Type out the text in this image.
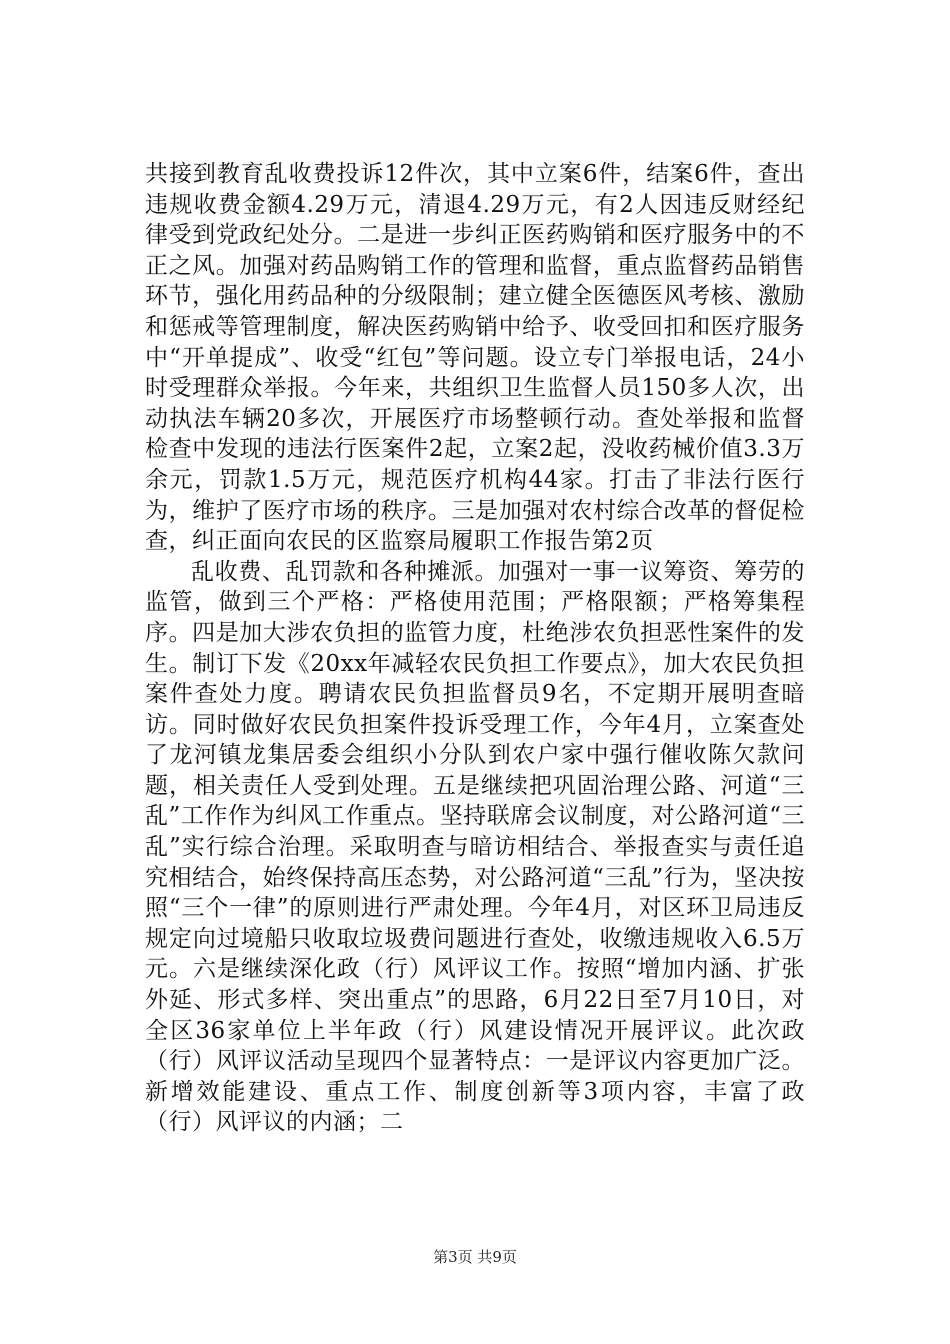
共接到教育乱收费投诉12件次，其中立案6件，结案6件，查出违规收费金额4.29万元，清退4.29万元，有2人因违反财经纪律受到党政纪处分。二是进一步纠正医药购销和医疗服务中的不正之风。加强对药品购销工作的管理和监督，重点监督药品销售环节，强化用药品种的分级限制；建立健全医德医风考核、激励和惩戒等管理制度，解决医药购销中给予、收受回扣和医疗服务中“开单提成”、收受“红包”等问题。设立专门举报电话，24小时受理群众举报。今年来，共组织卫生监督人员150多人次，出动执法车辆20多次，开展医疗市场整顿行动。查处举报和监督检查中发现的违法行医案件2起，立案2起，没收药械价值3.3万余元，罚款1.5万元，规范医疗机构44家。打击了非法行医行为，维护了医疗市场的秩序。三是加强对农村综合改革的督促检查，纠正面向农民的区监察局履职工作报告第2页

乱收费、乱罚款和各种摊派。加强对一事一议筹资、筹劳的监管，做到三个严格：严格使用范围；严格限额；严格筹集程序。四是加大涉农负担的监管力度，杜绝涉农负担恶性案件的发生。制订下发《20xx年减轻农民负担工作要点》，加大农民负担案件查处力度。聘请农民负担监督员9名，不定期开展明查暗访。同时做好农民负担案件投诉受理工作，今年4月，立案查处了龙河镇龙集居委会组织小分队到农户家中强行催收陈欠款问题，相关责任人受到处理。五是继续把巩固治理公路、河道“三乱”工作作为纠风工作重点。坚持联席会议制度，对公路河道“三乱”实行综合治理。采取明查与暗访相结合、举报查实与责任追究相结合，始终保持高压态势，对公路河道“三乱”行为，坚决按照“三个一律”的原则进行严肃处理。今年4月，对区环卫局违反规定向过境船只收取垃圾费问题进行查处，收缴违规收入6.5万元。六是继续深化政（行）风评议工作。按照“增加内涵、扩张外延、形式多样、突出重点”的思路，6月22日至7月10日，对全区36家单位上半年政（行）风建设情况开展评议。此次政（行）风评议活动呈现四个显著特点：一是评议内容更加广泛。新增效能建设、重点工作、制度创新等3项内容，丰富了政（行）风评议的内涵；二

第3页 共9页
